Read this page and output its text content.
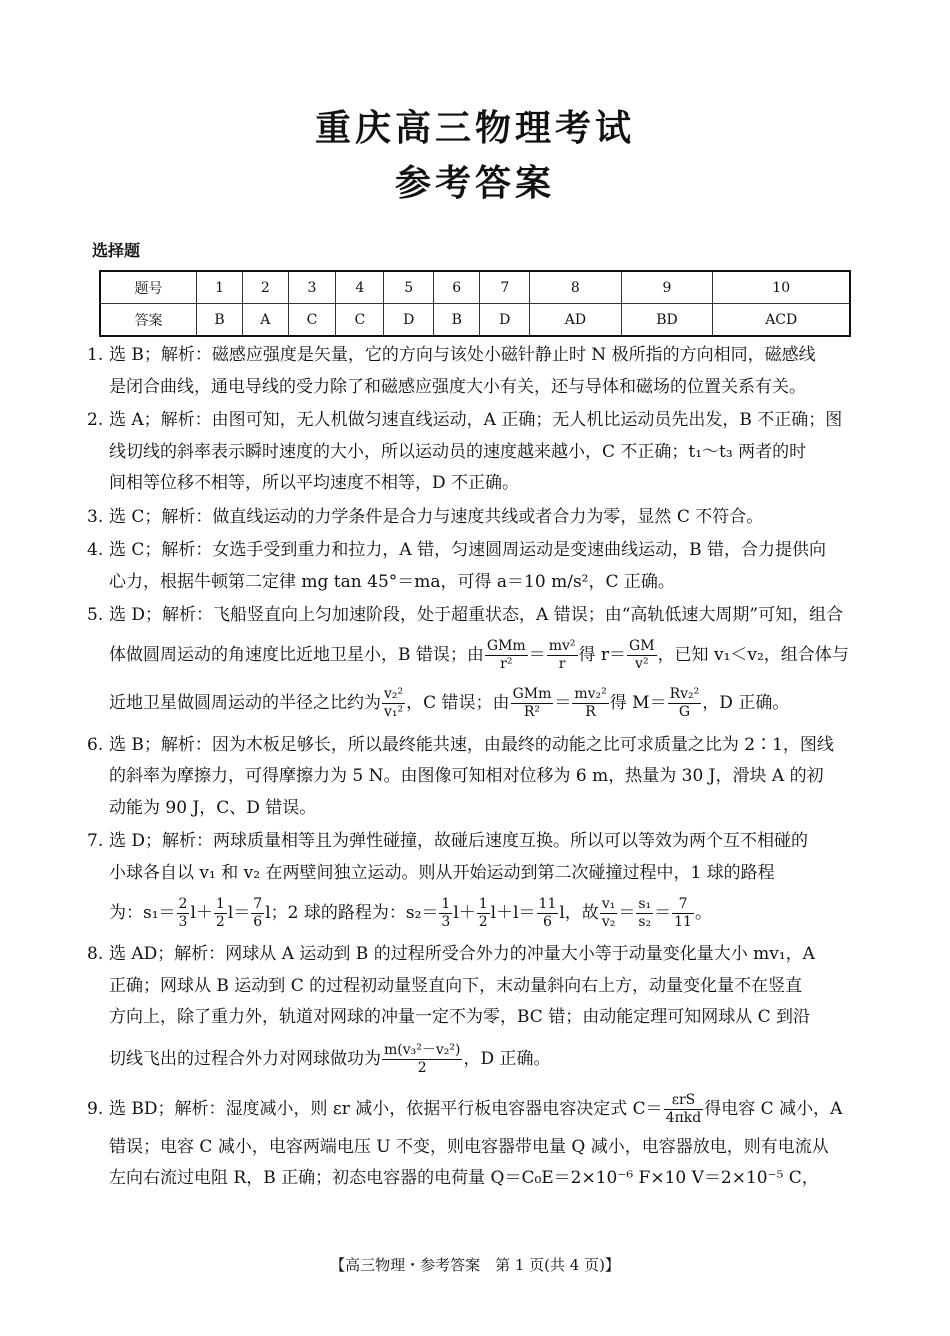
重庆高三物理考试
参考答案
选择题
题号	1	2	3	4	5	6	7	8	9	10
答案	B	A	C	C	D	B	D	AD	BD	ACD
1. 选 B；解析：磁感应强度是矢量，它的方向与该处小磁针静止时 N 极所指的方向相同，磁感线

是闭合曲线，通电导线的受力除了和磁感应强度大小有关，还与导体和磁场的位置关系有关。

2. 选 A；解析：由图可知，无人机做匀速直线运动，A 正确；无人机比运动员先出发，B 不正确；图

线切线的斜率表示瞬时速度的大小，所以运动员的速度越来越小，C 不正确；t₁～t₃ 两者的时

间相等位移不相等，所以平均速度不相等，D 不正确。

3. 选 C；解析：做直线运动的力学条件是合力与速度共线或者合力为零，显然 C 不符合。

4. 选 C；解析：女选手受到重力和拉力，A 错，匀速圆周运动是变速曲线运动，B 错，合力提供向

心力，根据牛顿第二定律 mg tan 45°＝ma，可得 a＝10 m/s²，C 正确。

5. 选 D；解析：飞船竖直向上匀加速阶段，处于超重状态，A 错误；由“高轨低速大周期”可知，组合

体做圆周运动的角速度比近地卫星小，B 错误；由 $\frac{\text{GMm}}{\text{r²}} = \frac{\text{mv²}}{r}$ 得 $r= \frac{GM}{\text{v²}}$ ，已知 v₁＜v₂，组合体与

近地卫星做圆周运动的半径之比约为 $\frac{\text{v₂²}}{\text{v₁²}}$ ，C 错误；由 $\frac{\text{GMm}}{\text{R²}} = \frac{\text{mv₂²}}{R}$ 得 $M= \frac{\text{Rv₂²}}{G}$ ，D 正确。

6. 选 B；解析：因为木板足够长，所以最终能共速，由最终的动能之比可求质量之比为 2∶1，图线

的斜率为摩擦力，可得摩擦力为 5 N。由图像可知相对位移为 6 m，热量为 30 J，滑块 A 的初

动能为 90 J，C、D 错误。

7. 选 D；解析：两球质量相等且为弹性碰撞，故碰后速度互换。所以可以等效为两个互不相碰的

小球各自以 v₁ 和 v₂ 在两壁间独立运动。则从开始运动到第二次碰撞过程中，1 球的路程

为：$s_1= \frac{2}{3} l+ \frac{1}{2} l= \frac{7}{6}$ l；2 球的路程为：$s_2= \frac{1}{3} l+ \frac{1}{2} l+l= \frac{11}{6}$ l，故 $\frac{\text{v₁}}{\text{v₂}} = \frac{\text{s₁}}{\text{s₂}} = \frac{7}{11}$ 。

8. 选 AD；解析：网球从 A 运动到 B 的过程所受合外力的冲量大小等于动量变化量大小 mv₁，A

正确；网球从 B 运动到 C 的过程初动量竖直向下，末动量斜向右上方，动量变化量不在竖直

方向上，除了重力外，轨道对网球的冲量一定不为零，BC 错；由动能定理可知网球从 C 到沿

切线飞出的过程合外力对网球做功为 $\frac{\text{m(v₃²－v₂²)}}{2}$ ，D 正确。

9. 选 BD；解析：湿度减小，则 εr 减小，依据平行板电容器电容决定式 $C= \frac{\text{εrS}}{\text{4πkd}}$ 得电容 C 减小，A

错误；电容 C 减小，电容两端电压 U 不变，则电容器带电量 Q 减小，电容器放电，则有电流从

左向右流过电阻 R，B 正确；初态电容器的电荷量 Q＝C₀E＝2×10⁻⁶ F×10 V＝2×10⁻⁵ C，

【高三物理・参考答案　第 1 页(共 4 页)】
